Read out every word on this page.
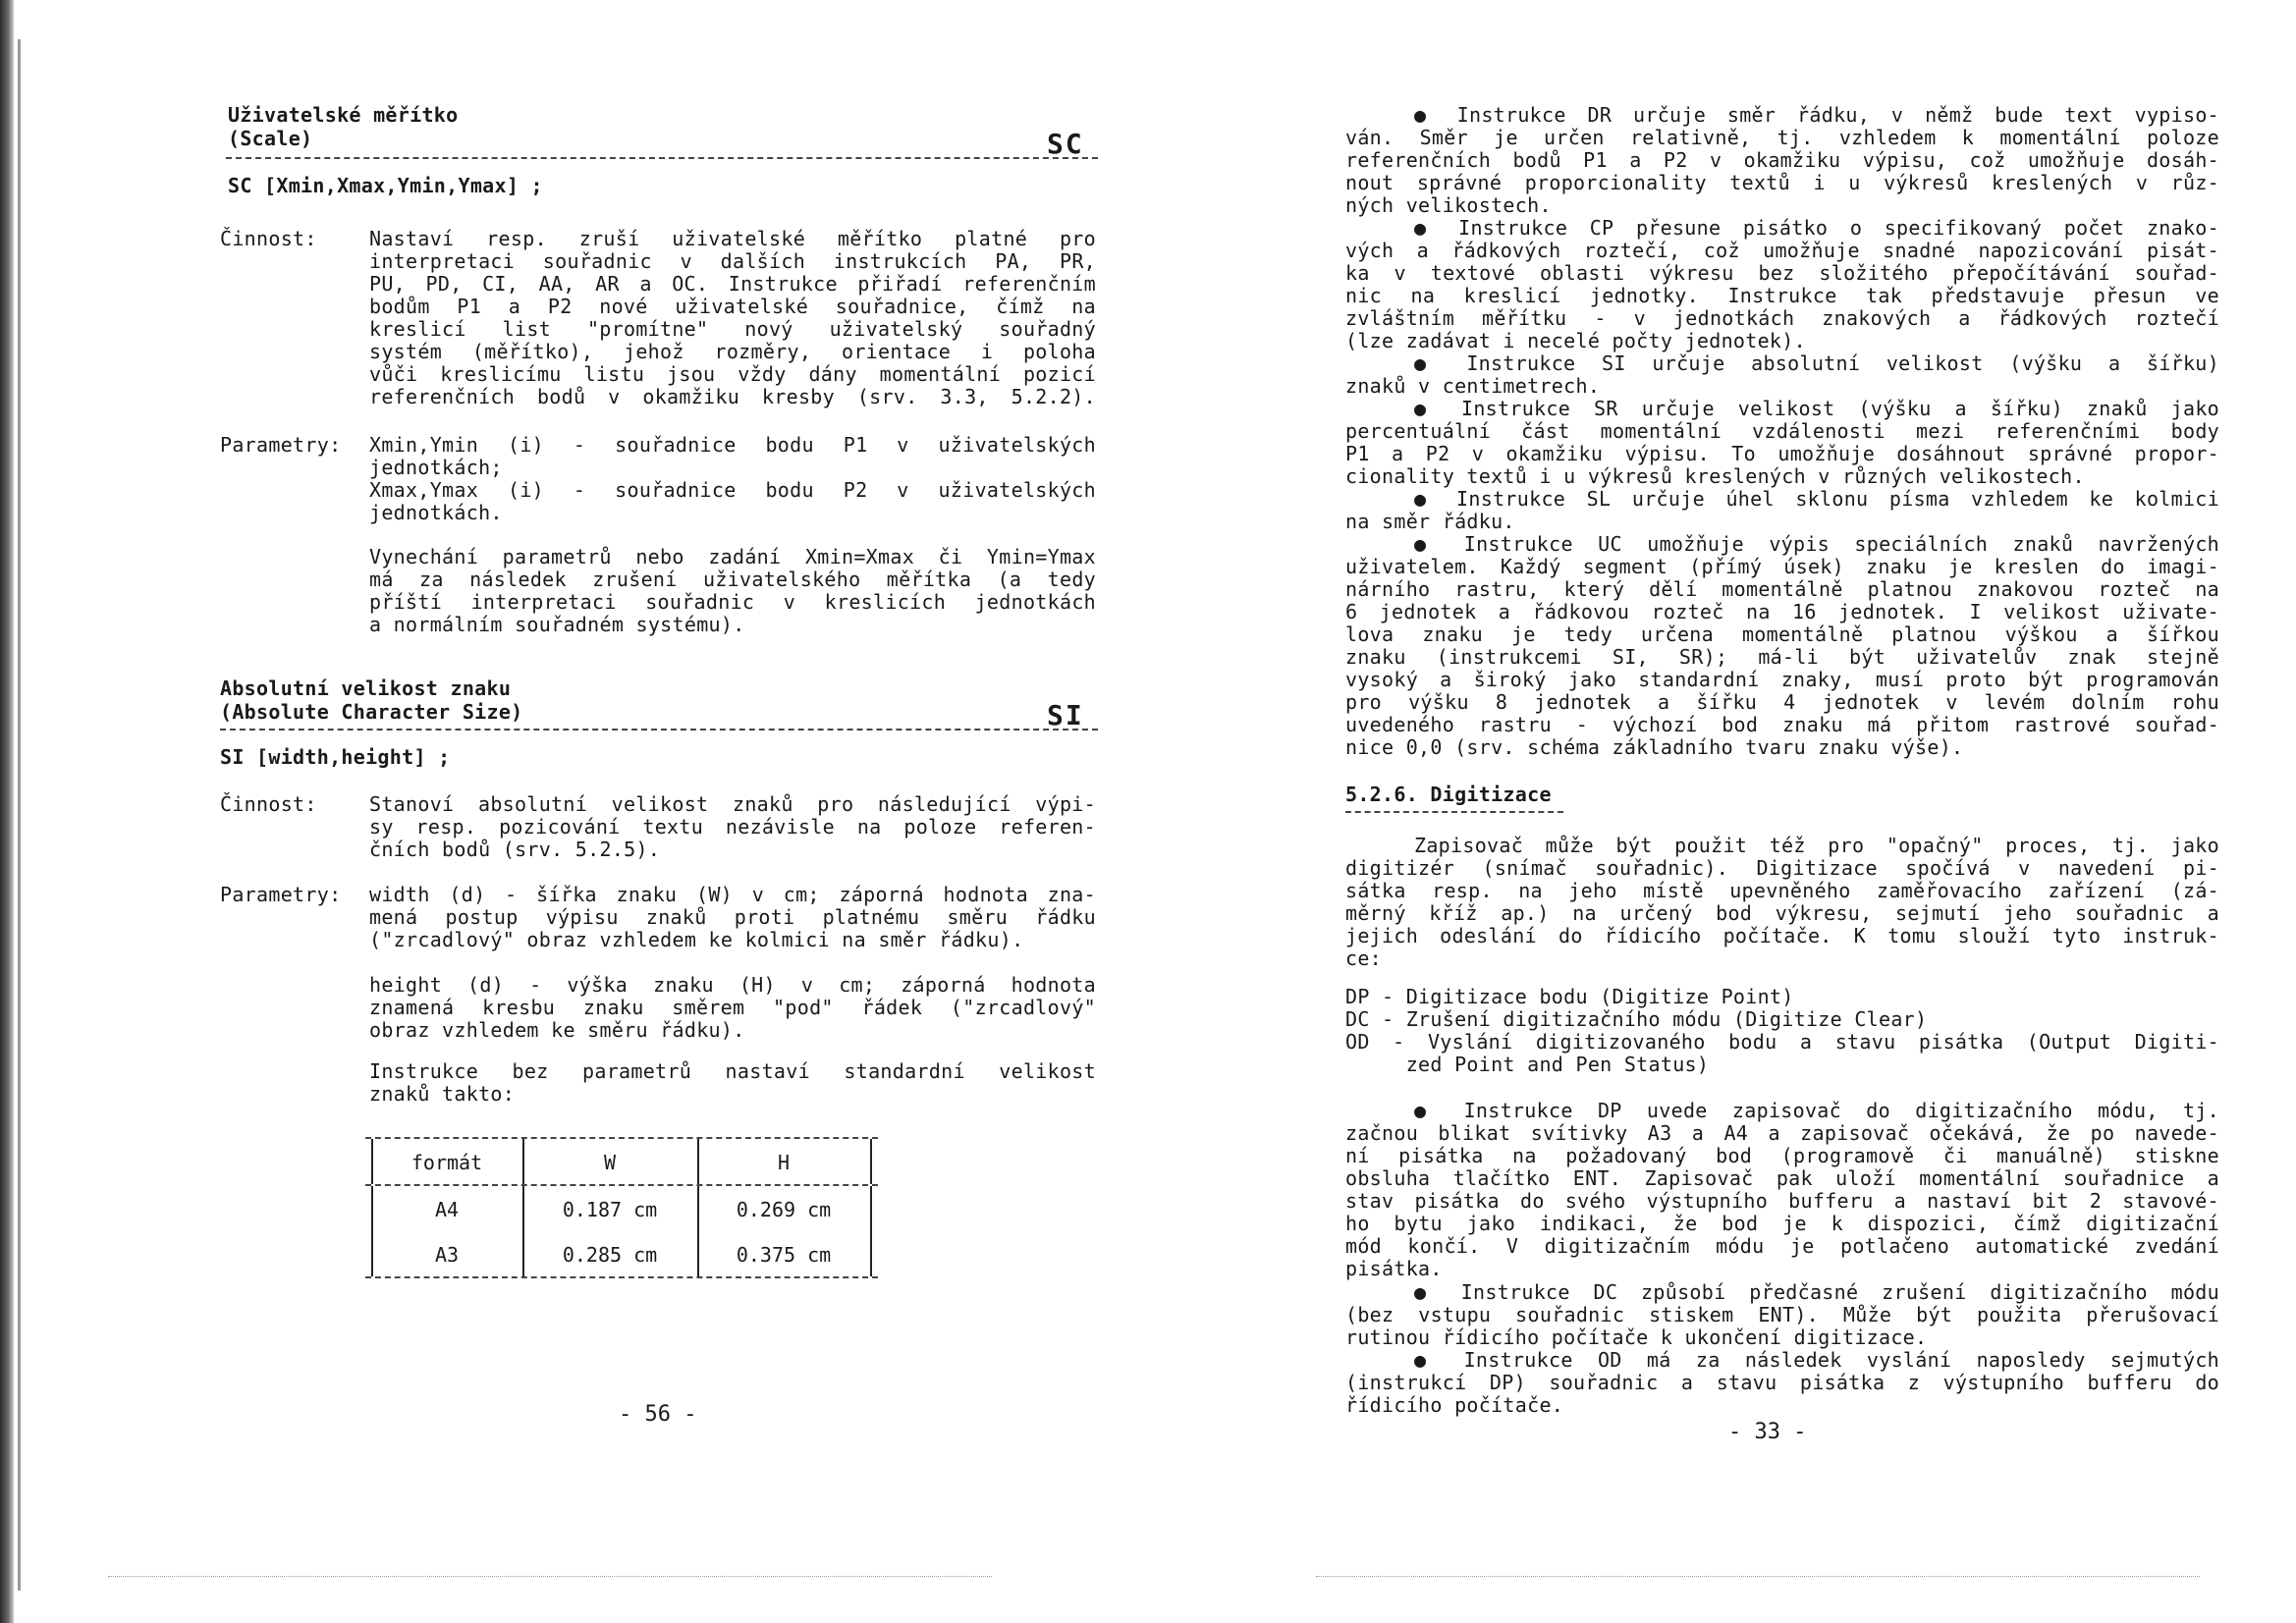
Uživatelské měřítko
(Scale)	SC
SC [Xmin,Xmax,Ymin,Ymax] ;
Činnost:	Nastaví resp. zruší uživatelské měřítko platné pro
interpretaci souřadnic v dalších instrukcích PA, PR,
PU, PD, CI, AA, AR a OC. Instrukce přiřadí referenčním
bodům P1 a P2 nové uživatelské souřadnice, čímž na
kreslicí list "promítne" nový uživatelský souřadný
systém (měřítko), jehož rozměry, orientace i poloha
vůči kreslicímu listu jsou vždy dány momentální pozicí
referenčních bodů v okamžiku kresby (srv. 3.3, 5.2.2).
Parametry: Xmin,Ymin (i) - souřadnice bodu P1 v uživatelských
jednotkách;
Xmax,Ymax (i) - souřadnice bodu P2 v uživatelských
jednotkách.
Vynechání parametrů nebo zadání Xmin=Xmax či Ymin=Ymax
má za následek zrušení uživatelského měřítka (a tedy
příští interpretaci souřadnic v kreslicích jednotkách
a normálním souřadném systému).
Absolutní velikost znaku
(Absolute Character Size)	SI
SI [width,height] ;
Činnost:	Stanoví absolutní velikost znaků pro následující výpi-
sy resp. pozicování textu nezávisle na poloze referen-
čních bodů (srv. 5.2.5).
Parametry: width (d) - šířka znaku (W) v cm; záporná hodnota zna-
mená postup výpisu znaků proti platnému směru řádku
("zrcadlový" obraz vzhledem ke kolmici na směr řádku).
height (d) - výška znaku (H) v cm; záporná hodnota
znamená kresbu znaku směrem "pod" řádek ("zrcadlový"
obraz vzhledem ke směru řádku).
Instrukce bez parametrů nastaví standardní velikost
znaků takto:
formát	W	H
A4	0.187 cm	0.269 cm
A3	0.285 cm	0.375 cm
- 56 -
● Instrukce DR určuje směr řádku, v němž bude text vypiso-
ván. Směr je určen relativně, tj. vzhledem k momentální poloze
referenčních bodů P1 a P2 v okamžiku výpisu, což umožňuje dosáh-
nout správné proporcionality textů i u výkresů kreslených v růz-
ných velikostech.
● Instrukce CP přesune pisátko o specifikovaný počet znako-
vých a řádkových roztečí, což umožňuje snadné napozicování pisát-
ka v textové oblasti výkresu bez složitého přepočítávání souřad-
nic na kreslicí jednotky. Instrukce tak představuje přesun ve
zvláštním měřítku - v jednotkách znakových a řádkových roztečí
(lze zadávat i necelé počty jednotek).
● Instrukce SI určuje absolutní velikost (výšku a šířku)
znaků v centimetrech.
● Instrukce SR určuje velikost (výšku a šířku) znaků jako
percentuální část momentální vzdálenosti mezi referenčními body
P1 a P2 v okamžiku výpisu. To umožňuje dosáhnout správné propor-
cionality textů i u výkresů kreslených v různých velikostech.
● Instrukce SL určuje úhel sklonu písma vzhledem ke kolmici
na směr řádku.
● Instrukce UC umožňuje výpis speciálních znaků navržených
uživatelem. Každý segment (přímý úsek) znaku je kreslen do imagi-
nárního rastru, který dělí momentálně platnou znakovou rozteč na
6 jednotek a řádkovou rozteč na 16 jednotek. I velikost uživate-
lova znaku je tedy určena momentálně platnou výškou a šířkou
znaku (instrukcemi SI, SR); má-li být uživatelův znak stejně
vysoký a široký jako standardní znaky, musí proto být programován
pro výšku 8 jednotek a šířku 4 jednotek v levém dolním rohu
uvedeného rastru - výchozí bod znaku má přitom rastrové souřad-
nice 0,0 (srv. schéma základního tvaru znaku výše).
5.2.6. Digitizace
Zapisovač může být použit též pro "opačný" proces, tj. jako
digitizér (snímač souřadnic). Digitizace spočívá v navedení pi-
sátka resp. na jeho místě upevněného zaměřovacího zařízení (zá-
měrný kříž ap.) na určený bod výkresu, sejmutí jeho souřadnic a
jejich odeslání do řídicího počítače. K tomu slouží tyto instruk-
ce:
DP - Digitizace bodu (Digitize Point)
DC - Zrušení digitizačního módu (Digitize Clear)
OD - Vyslání digitizovaného bodu a stavu pisátka (Output Digiti-
zed Point and Pen Status)
● Instrukce DP uvede zapisovač do digitizačního módu, tj.
začnou blikat svítivky A3 a A4 a zapisovač očekává, že po navede-
ní pisátka na požadovaný bod (programově či manuálně) stiskne
obsluha tlačítko ENT. Zapisovač pak uloží momentální souřadnice a
stav pisátka do svého výstupního bufferu a nastaví bit 2 stavové-
ho bytu jako indikaci, že bod je k dispozici, čímž digitizační
mód končí. V digitizačním módu je potlačeno automatické zvedání
pisátka.
● Instrukce DC způsobí předčasné zrušení digitizačního módu
(bez vstupu souřadnic stiskem ENT). Může být použita přerušovací
rutinou řídicího počítače k ukončení digitizace.
● Instrukce OD má za následek vyslání naposledy sejmutých
(instrukcí DP) souřadnic a stavu pisátka z výstupního bufferu do
řídicího počítače.
- 33 -
